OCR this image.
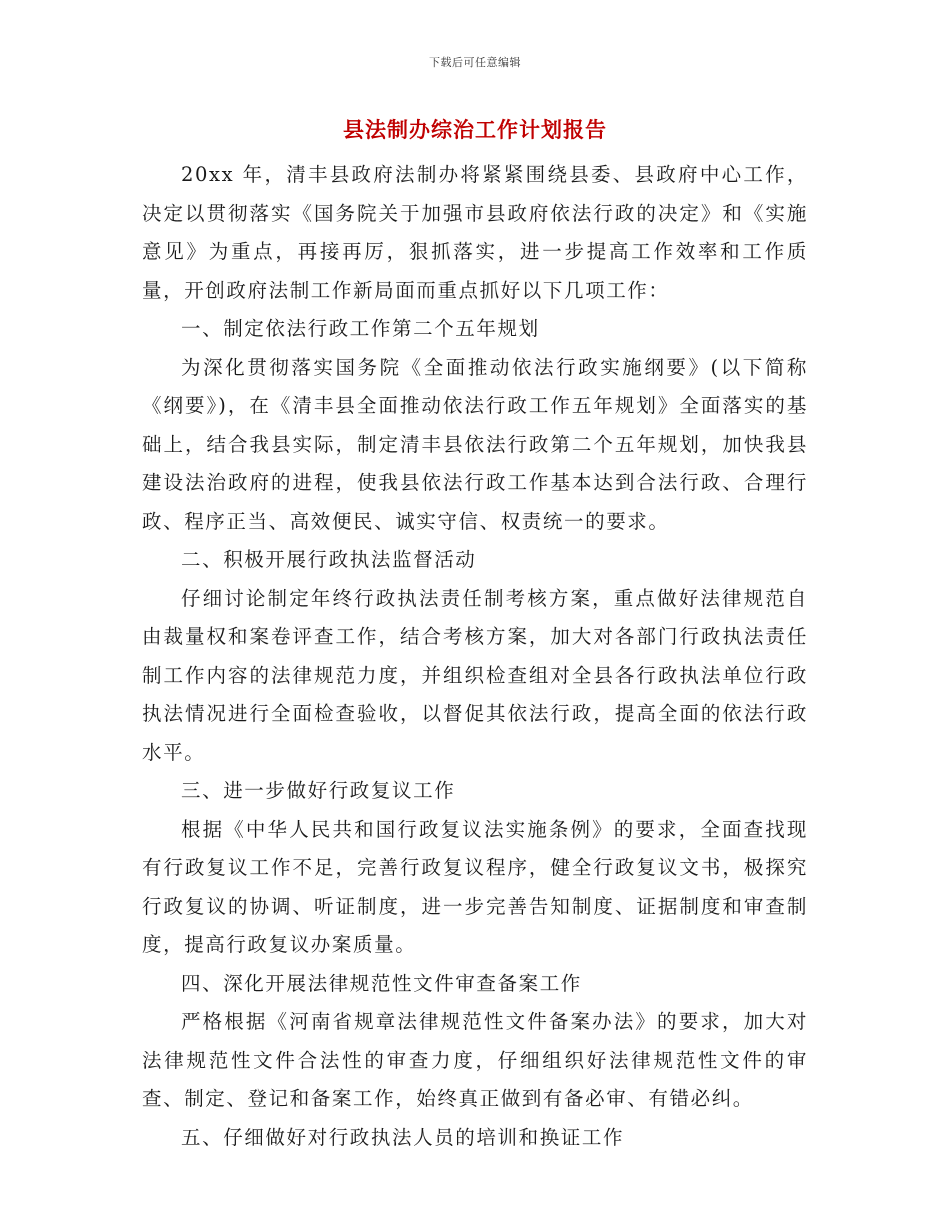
下载后可任意编辑
县法制办综治工作计划报告

20xx 年，清丰县政府法制办将紧紧围绕县委、县政府中心工作，决定以贯彻落实《国务院关于加强市县政府依法行政的决定》和《实施意见》为重点，再接再厉，狠抓落实，进一步提高工作效率和工作质量，开创政府法制工作新局面而重点抓好以下几项工作：

一、制定依法行政工作第二个五年规划

为深化贯彻落实国务院《全面推动依法行政实施纲要》(以下简称《纲要》)，在《清丰县全面推动依法行政工作五年规划》全面落实的基础上，结合我县实际，制定清丰县依法行政第二个五年规划，加快我县建设法治政府的进程，使我县依法行政工作基本达到合法行政、合理行政、程序正当、高效便民、诚实守信、权责统一的要求。

二、积极开展行政执法监督活动

仔细讨论制定年终行政执法责任制考核方案，重点做好法律规范自由裁量权和案卷评查工作，结合考核方案，加大对各部门行政执法责任制工作内容的法律规范力度，并组织检查组对全县各行政执法单位行政执法情况进行全面检查验收，以督促其依法行政，提高全面的依法行政水平。

三、进一步做好行政复议工作

根据《中华人民共和国行政复议法实施条例》的要求，全面查找现有行政复议工作不足，完善行政复议程序，健全行政复议文书，极探究行政复议的协调、听证制度，进一步完善告知制度、证据制度和审查制度，提高行政复议办案质量。

四、深化开展法律规范性文件审查备案工作

严格根据《河南省规章法律规范性文件备案办法》的要求，加大对法律规范性文件合法性的审查力度，仔细组织好法律规范性文件的审查、制定、登记和备案工作，始终真正做到有备必审、有错必纠。

五、仔细做好对行政执法人员的培训和换证工作
